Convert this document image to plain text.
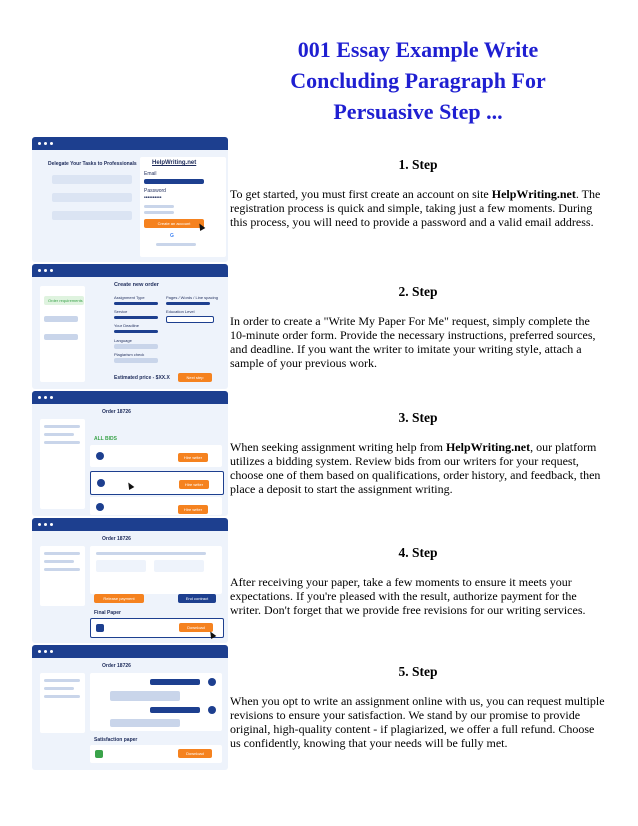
001 Essay Example Write Concluding Paragraph For Persuasive Step ...
Delegate Your Tasks to Professionals	HelpWriting.net
Email
Password
••••••••••
Create an account
G
Order requirements
Create new order
Assignment Type	Pages / Words / Line spacing
Service	Education Level
Your Deadline
Language
Plagiarism check
Estimated price - $XX.X	Next step
Order 18726
ALL BIDS
Hire writer
Hire writer
Hire writer
Order 18726
Release payment	End contract
Final Paper
Download
Order 18726
Satisfaction paper
Download
1. Step

To get started, you must first create an account on site HelpWriting.net. The registration process is quick and simple, taking just a few moments. During this process, you will need to provide a password and a valid email address.

2. Step

In order to create a "Write My Paper For Me" request, simply complete the 10-minute order form. Provide the necessary instructions, preferred sources, and deadline. If you want the writer to imitate your writing style, attach a sample of your previous work.

3. Step

When seeking assignment writing help from HelpWriting.net, our platform utilizes a bidding system. Review bids from our writers for your request, choose one of them based on qualifications, order history, and feedback, then place a deposit to start the assignment writing.

4. Step

After receiving your paper, take a few moments to ensure it meets your expectations. If you're pleased with the result, authorize payment for the writer. Don't forget that we provide free revisions for our writing services.

5. Step

When you opt to write an assignment online with us, you can request multiple revisions to ensure your satisfaction. We stand by our promise to provide original, high-quality content - if plagiarized, we offer a full refund. Choose us confidently, knowing that your needs will be fully met.
